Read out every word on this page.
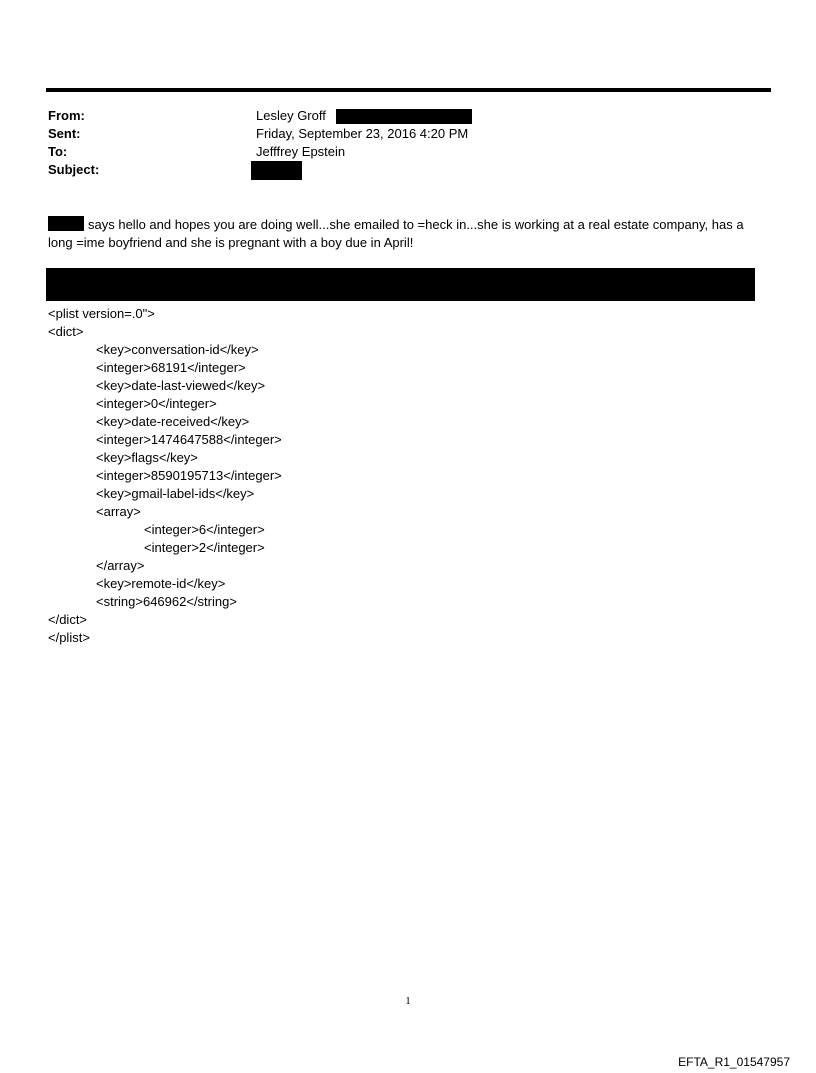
From:	Lesley Groff
Sent:	Friday, September 23, 2016 4:20 PM
To:	Jefffrey Epstein
Subject:
says hello and hopes you are doing well...she emailed to =heck in...she is working at a real estate company, has a
long =ime boyfriend and she is pregnant with a boy due in April!
<plist version=.0">
<dict>
<key>conversation-id</key>
<integer>68191</integer>
<key>date-last-viewed</key>
<integer>0</integer>
<key>date-received</key>
<integer>1474647588</integer>
<key>flags</key>
<integer>8590195713</integer>
<key>gmail-label-ids</key>
<array>
<integer>6</integer>
<integer>2</integer>
</array>
<key>remote-id</key>
<string>646962</string>
</dict>
</plist>
1
EFTA_R1_01547957
